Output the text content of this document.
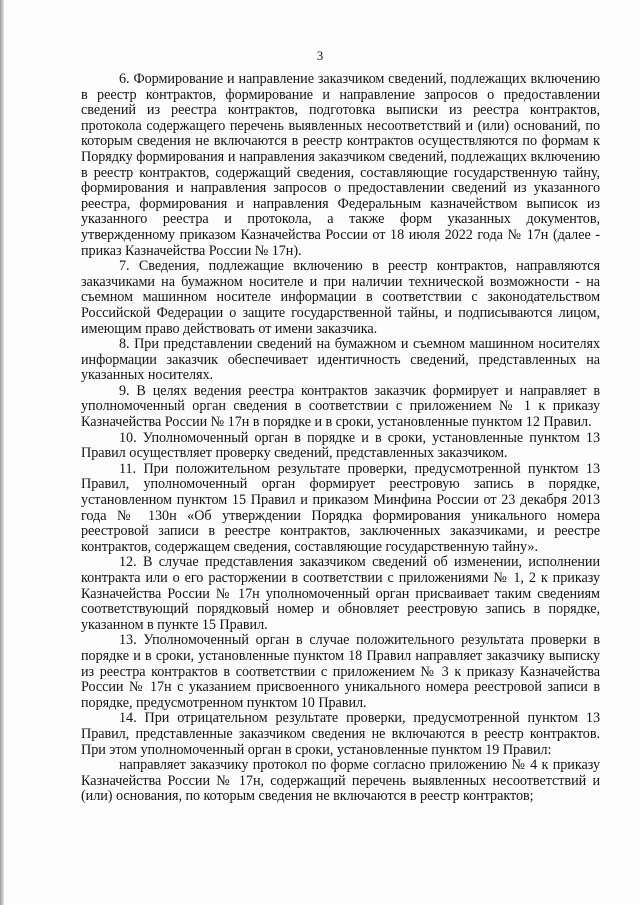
3

6. Формирование и направление заказчиком сведений, подлежащих включению в реестр контрактов, формирование и направление запросов о предоставлении сведений из реестра контрактов, подготовка выписки из реестра контрактов, протокола содержащего перечень выявленных несоответствий и (или) оснований, по которым сведения не включаются в реестр контрактов осуществляются по формам к Порядку формирования и направления заказчиком сведений, подлежащих включению в реестр контрактов, содержащий сведения, составляющие государственную тайну, формирования и направления запросов о предоставлении сведений из указанного реестра, формирования и направления Федеральным казначейством выписок из указанного реестра и протокола, а также форм указанных документов, утвержденному приказом Казначейства России от 18 июля 2022 года № 17н (далее - приказ Казначейства России № 17н).

7. Сведения, подлежащие включению в реестр контрактов, направляются заказчиками на бумажном носителе и при наличии технической возможности - на съемном машинном носителе информации в соответствии с законодательством Российской Федерации о защите государственной тайны, и подписываются лицом, имеющим право действовать от имени заказчика.

8. При представлении сведений на бумажном и съемном машинном носителях информации заказчик обеспечивает идентичность сведений, представленных на указанных носителях.

9. В целях ведения реестра контрактов заказчик формирует и направляет в уполномоченный орган сведения в соответствии с приложением № 1 к приказу Казначейства России № 17н в порядке и в сроки, установленные пунктом 12 Правил.

10. Уполномоченный орган в порядке и в сроки, установленные пунктом 13 Правил осуществляет проверку сведений, представленных заказчиком.

11. При положительном результате проверки, предусмотренной пунктом 13 Правил, уполномоченный орган формирует реестровую запись в порядке, установленном пунктом 15 Правил и приказом Минфина России от 23 декабря 2013 года № 130н «Об утверждении Порядка формирования уникального номера реестровой записи в реестре контрактов, заключенных заказчиками, и реестре контрактов, содержащем сведения, составляющие государственную тайну».

12. В случае представления заказчиком сведений об изменении, исполнении контракта или о его расторжении в соответствии с приложениями № 1, 2 к приказу Казначейства России № 17н уполномоченный орган присваивает таким сведениям соответствующий порядковый номер и обновляет реестровую запись в порядке, указанном в пункте 15 Правил.

13. Уполномоченный орган в случае положительного результата проверки в порядке и в сроки, установленные пунктом 18 Правил направляет заказчику выписку из реестра контрактов в соответствии с приложением № 3 к приказу Казначейства России № 17н с указанием присвоенного уникального номера реестровой записи в порядке, предусмотренном пунктом 10 Правил.

14. При отрицательном результате проверки, предусмотренной пунктом 13 Правил, представленные заказчиком сведения не включаются в реестр контрактов. При этом уполномоченный орган в сроки, установленные пунктом 19 Правил:

направляет заказчику протокол по форме согласно приложению № 4 к приказу Казначейства России № 17н, содержащий перечень выявленных несоответствий и (или) основания, по которым сведения не включаются в реестр контрактов;
